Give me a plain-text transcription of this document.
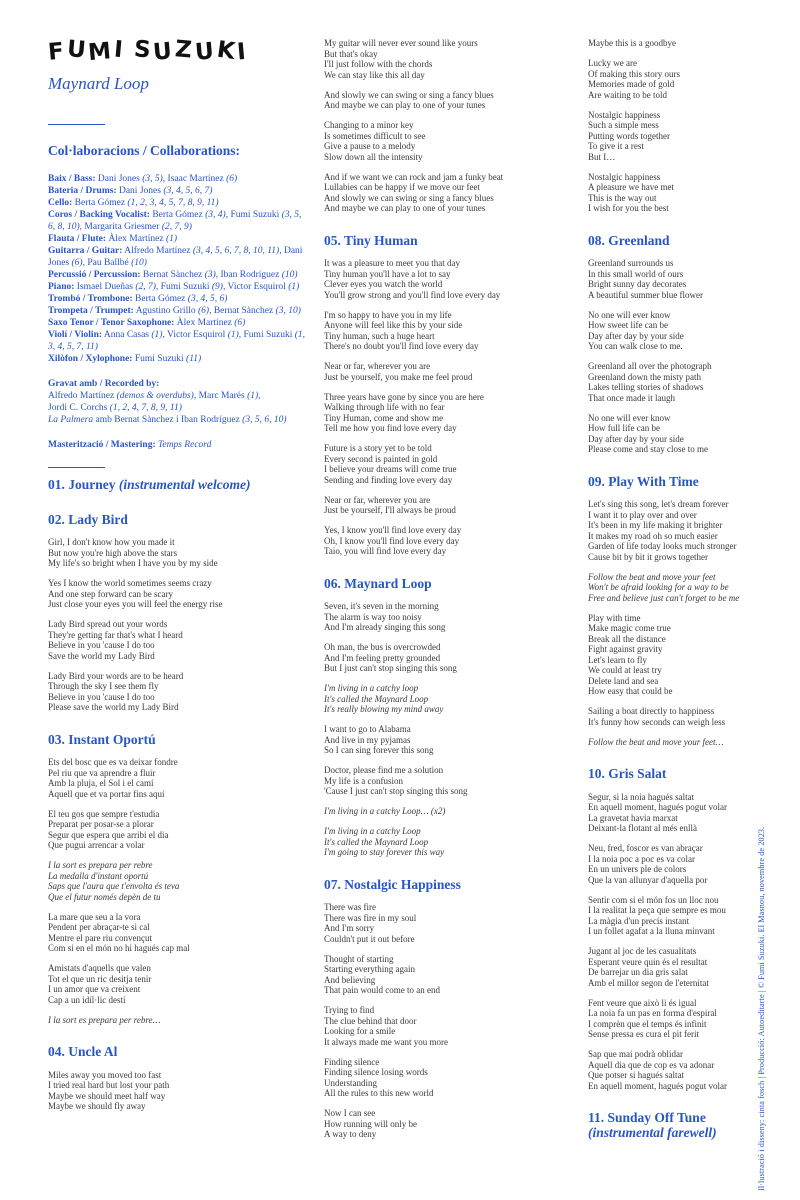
FUMI SUZUKI
Maynard Loop
Col·laboracions / Collaborations:

Baix / Bass: Dani Jones (3, 5), Isaac Martínez (6)

Bateria / Drums: Dani Jones (3, 4, 5, 6, 7)

Cello: Berta Gómez (1, 2, 3, 4, 5, 7, 8, 9, 11)

Coros / Backing Vocalist: Berta Gómez (3, 4), Fumi Suzuki (3, 5, 6, 8, 10), Margarita Griesmer (2, 7, 9)

Flauta / Flute: Àlex Martínez (1)

Guitarra / Guitar: Alfredo Martínez (3, 4, 5, 6, 7, 8, 10, 11), Dani Jones (6), Pau Ballbé (10)

Percussió / Percussion: Bernat Sànchez (3), Iban Rodríguez (10)

Piano: Ismael Dueñas (2, 7), Fumi Suzuki (9), Victor Esquirol (1)

Trombó / Trombone: Berta Gómez (3, 4, 5, 6)

Trompeta / Trumpet: Agustino Grillo (6), Bernat Sànchez (3, 10)

Saxo Tenor / Tenor Saxophone: Àlex Martínez (6)

Violí / Violin: Anna Casas (1), Victor Esquirol (1), Fumi Suzuki (1, 3, 4, 5, 7, 11)

Xilòfon / Xylophone: Fumi Suzuki (11)

Gravat amb / Recorded by:

Alfredo Martínez (demos & overdubs), Marc Marés (1),

Jordi C. Corchs (1, 2, 4, 7, 8, 9, 11)

La Palmera amb Bernat Sànchez i Iban Rodríguez (3, 5, 6, 10)

Masterització / Mastering: Temps Record

01. Journey (instrumental welcome)
02. Lady Bird

Girl, I don't know how you made it
But now you're high above the stars
My life's so bright when I have you by my side

Yes I know the world sometimes seems crazy
And one step forward can be scary
Just close your eyes you will feel the energy rise

Lady Bird spread out your words
They're getting far that's what I heard
Believe in you 'cause I do too
Save the world my Lady Bird

Lady Bird your words are to be heard
Through the sky I see them fly
Believe in you 'cause I do too
Please save the world my Lady Bird

03. Instant Oportú

Ets del bosc que es va deixar fondre
Pel riu que va aprendre a fluir
Amb la pluja, el Sol i el camí
Aquell que et va portar fins aquí

El teu gos que sempre t'estudia
Preparat per posar-se a plorar
Segur que espera que arribi el dia
Que pugui arrencar a volar

I la sort es prepara per rebre
La medalla d'instant oportú
Saps que l'aura que t'envolta és teva
Que el futur només depèn de tu

La mare que seu a la vora
Pendent per abraçar-te si cal
Mentre el pare riu convençut
Com si en el món no hi hagués cap mal

Amistats d'aquells que valen
Tot el que un ric desitja tenir
I un amor que va creixent
Cap a un idíl·lic destí

I la sort es prepara per rebre…

04. Uncle Al

Miles away you moved too fast
I tried real hard but lost your path
Maybe we should meet half way
Maybe we should fly away

My guitar will never ever sound like yours
But that's okay
I'll just follow with the chords
We can stay like this all day

And slowly we can swing or sing a fancy blues
And maybe we can play to one of your tunes

Changing to a minor key
Is sometimes difficult to see
Give a pause to a melody
Slow down all the intensity

And if we want we can rock and jam a funky beat
Lullabies can be happy if we move our feet
And slowly we can swing or sing a fancy blues
And maybe we can play to one of your tunes

05. Tiny Human

It was a pleasure to meet you that day
Tiny human you'll have a lot to say
Clever eyes you watch the world
You'll grow strong and you'll find love every day

I'm so happy to have you in my life
Anyone will feel like this by your side
Tiny human, such a huge heart
There's no doubt you'll find love every day

Near or far, wherever you are
Just be yourself, you make me feel proud

Three years have gone by since you are here
Walking through life with no fear
Tiny Human, come and show me
Tell me how you find love every day

Future is a story yet to be told
Every second is painted in gold
I believe your dreams will come true
Sending and finding love every day

Near or far, wherever you are
Just be yourself, I'll always be proud

Yes, I know you'll find love every day
Oh, I know you'll find love every day
Taio, you will find love every day

06. Maynard Loop

Seven, it's seven in the morning
The alarm is way too noisy
And I'm already singing this song

Oh man, the bus is overcrowded
And I'm feeling pretty grounded
But I just can't stop singing this song

I'm living in a catchy loop
It's called the Maynard Loop
It's really blowing my mind away

I want to go to Alabama
And live in my pyjamas
So I can sing forever this song

Doctor, please find me a solution
My life is a confusion
'Cause I just can't stop singing this song

I'm living in a catchy Loop… (x2)

I'm living in a catchy Loop
It's called the Maynard Loop
I'm going to stay forever this way

07. Nostalgic Happiness

There was fire
There was fire in my soul
And I'm sorry
Couldn't put it out before

Thought of starting
Starting everything again
And believing
That pain would come to an end

Trying to find
The clue behind that door
Looking for a smile
It always made me want you more

Finding silence
Finding silence losing words
Understanding
All the rules to this new world

Now I can see
How running will only be
A way to deny

Maybe this is a goodbye

Lucky we are
Of making this story ours
Memories made of gold
Are waiting to be told

Nostalgic happiness
Such a simple mess
Putting words together
To give it a rest
But I…

Nostalgic happiness
A pleasure we have met
This is the way out
I wish for you the best

08. Greenland

Greenland surrounds us
In this small world of ours
Bright sunny day decorates
A beautiful summer blue flower

No one will ever know
How sweet life can be
Day after day by your side
You can walk close to me.

Greenland all over the photograph
Greenland down the misty path
Lakes telling stories of shadows
That once made it laugh

No one will ever know
How full life can be
Day after day by your side
Please come and stay close to me

09. Play With Time

Let's sing this song, let's dream forever
I want it to play over and over
It's been in my life making it brighter
It makes my road oh so much easier
Garden of life today looks much stronger
Cause bit by bit it grows together

Follow the beat and move your feet
Won't be afraid looking for a way to be
Free and believe just can't forget to be me

Play with time
Make magic come true
Break all the distance
Fight against gravity
Let's learn to fly
We could at least try
Delete land and sea
How easy that could be

Sailing a boat directly to happiness
It's funny how seconds can weigh less

Follow the beat and move your feet…

10. Gris Salat

Segur, si la noia hagués saltat
En aquell moment, hagués pogut volar
La gravetat havia marxat
Deixant-la flotant al més enllà

Neu, fred, foscor es van abraçar
I la noia poc a poc es va colar
En un univers ple de colors
Que la van allunyar d'aquella por

Sentir com si el món fos un lloc nou
I la realitat la peça que sempre es mou
La màgia d'un precís instant
I un follet agafat a la lluna minvant

Jugant al joc de les casualitats
Esperant veure quin és el resultat
De barrejar un dia gris salat
Amb el millor segon de l'eternitat

Fent veure que això li és igual
La noia fa un pas en forma d'espiral
I comprèn que el temps és infinit
Sense pressa es cura el pit ferit

Sap que mai podrà oblidar
Aquell dia que de cop es va adonar
Que potser si hagués saltat
En aquell moment, hagués pogut volar

11. Sunday Off Tune (instrumental farewell)	Il·lustració i disseny: cinta fosch | Producció: Autoeditarte | © Fumi Suzuki. El Masnou, novembre de 2023.
